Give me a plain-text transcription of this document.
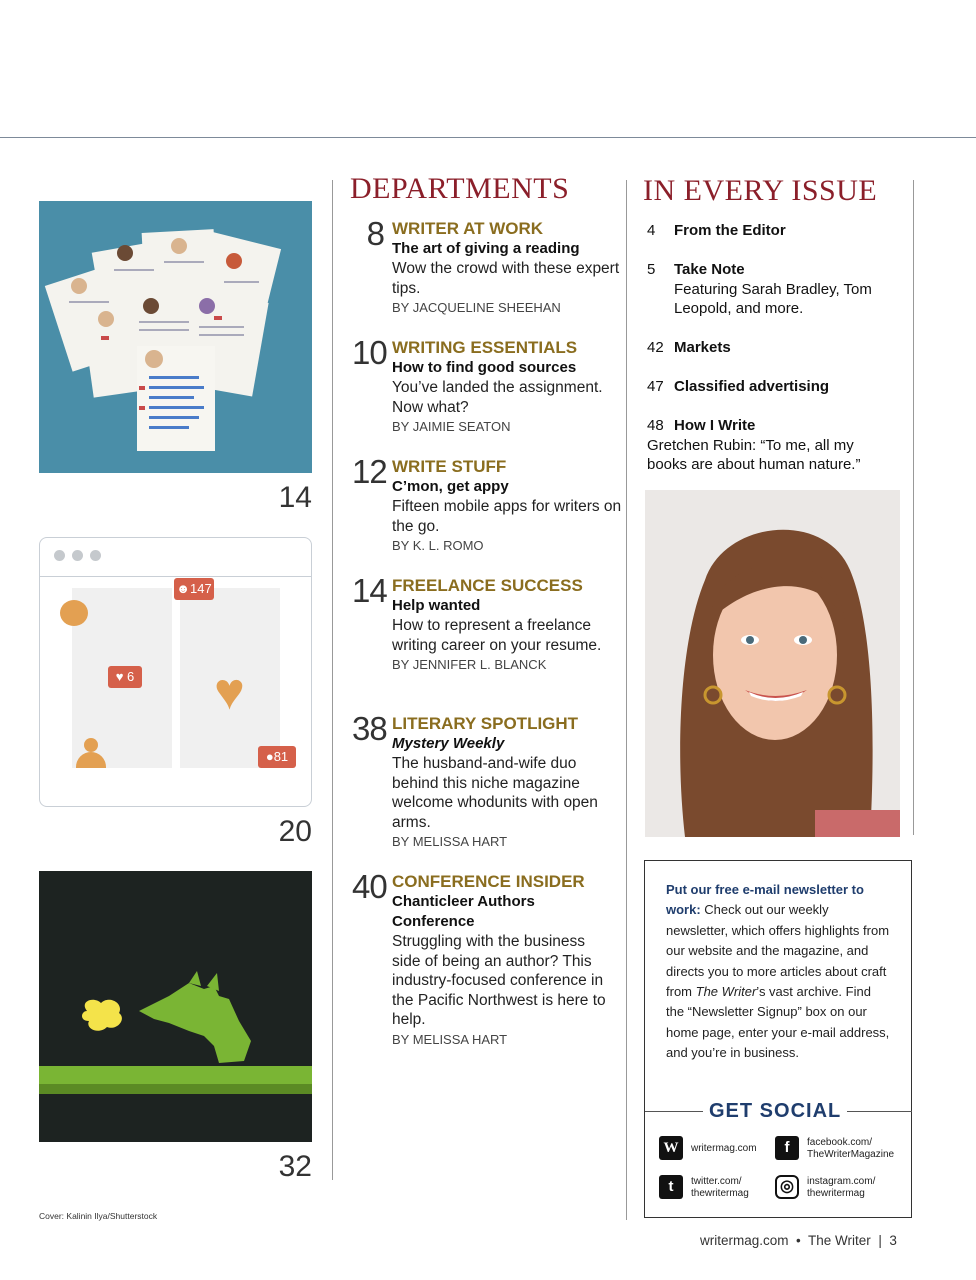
14
☻147
♥ 6 ♥
●81
20
32
Cover: Kalinin Ilya/Shutterstock
DEPARTMENTS
8 WRITER AT WORK
The art of giving a reading
Wow the crowd with these expert tips.
BY JACQUELINE SHEEHAN
10 WRITING ESSENTIALS
How to find good sources
You’ve landed the assignment. Now what?
BY JAIMIE SEATON
12 WRITE STUFF
C’mon, get appy
Fifteen mobile apps for writers on the go.
BY K. L. ROMO
14 FREELANCE SUCCESS
Help wanted
How to represent a freelance writing career on your resume.
BY JENNIFER L. BLANCK
38 LITERARY SPOTLIGHT
Mystery Weekly
The husband-and-wife duo behind this niche magazine welcome whodunits with open arms.
BY MELISSA HART
40 CONFERENCE INSIDER
Chanticleer Authors Conference
Struggling with the business side of being an author? This industry-focused conference in the Pacific Northwest is here to help.
BY MELISSA HART
IN EVERY ISSUE
4 From the Editor
5 Take Note
Featuring Sarah Bradley, Tom Leopold, and more.
42 Markets
47 Classified advertising
48 How I Write
Gretchen Rubin: “To me, all my books are about human nature.”
Put our free e-mail newsletter to work: Check out our weekly newsletter, which offers highlights from our website and the magazine, and directs you to more articles about craft from The Writer’s vast archive. Find the “Newsletter Signup” box on our home page, enter your e-mail address, and you’re in business.
GET SOCIAL
W	writermag.com	f	facebook.com/ TheWriterMagazine
t	twitter.com/ thewritermag	◎	instagram.com/ thewritermag
writermag.com • The Writer | 3
